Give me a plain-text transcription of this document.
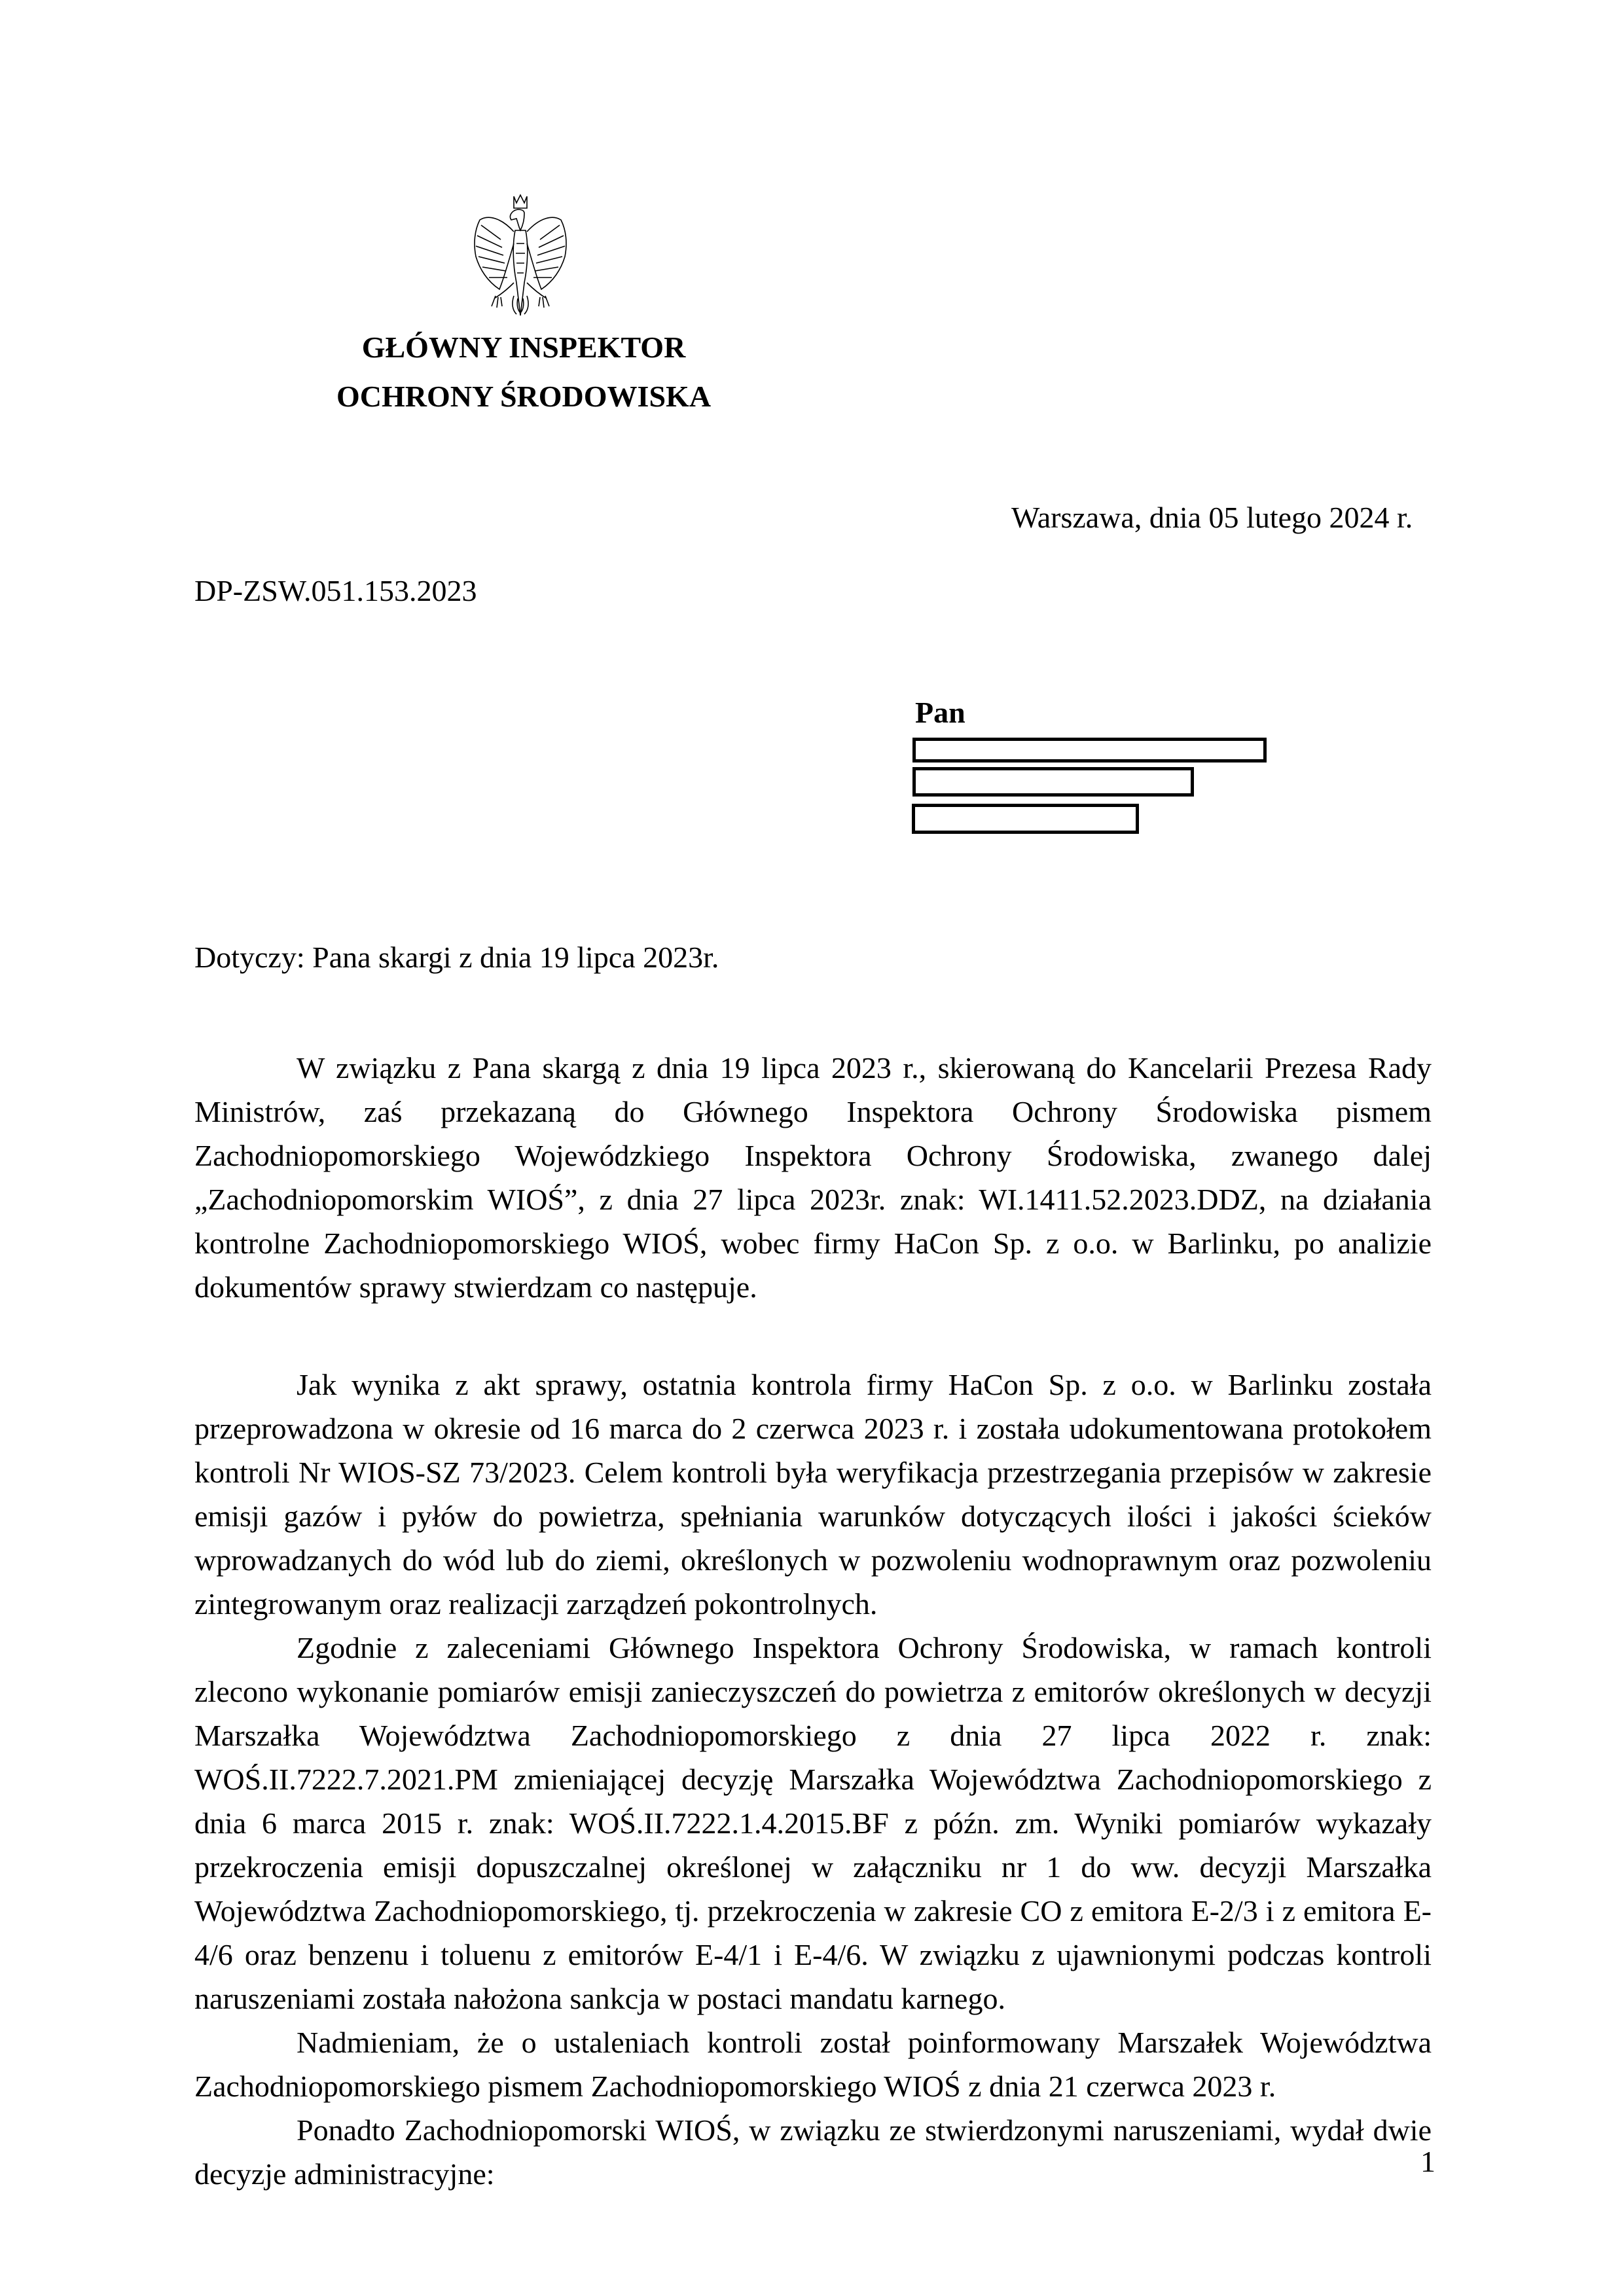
GŁÓWNY INSPEKTOR
OCHRONY ŚRODOWISKA
Warszawa, dnia 05 lutego 2024 r.
DP-ZSW.051.153.2023
Pan
Dotyczy: Pana skargi z dnia 19 lipca 2023r.

W związku z Pana skargą z dnia 19 lipca 2023 r., skierowaną do Kancelarii Prezesa Rady Ministrów, zaś przekazaną do Głównego Inspektora Ochrony Środowiska pismem Zachodniopomorskiego Wojewódzkiego Inspektora Ochrony Środowiska, zwanego dalej „Zachodniopomorskim WIOŚ”, z dnia 27 lipca 2023r. znak: WI.1411.52.2023.DDZ, na działania kontrolne Zachodniopomorskiego WIOŚ, wobec firmy HaCon Sp. z o.o. w Barlinku, po analizie dokumentów sprawy stwierdzam co następuje.

Jak wynika z akt sprawy, ostatnia kontrola firmy HaCon Sp. z o.o. w Barlinku została przeprowadzona w okresie od 16 marca do 2 czerwca 2023 r. i została udokumentowana protokołem kontroli Nr WIOS-SZ 73/2023. Celem kontroli była weryfikacja przestrzegania przepisów w zakresie emisji gazów i pyłów do powietrza, spełniania warunków dotyczących ilości i jakości ścieków wprowadzanych do wód lub do ziemi, określonych w pozwoleniu wodnoprawnym oraz pozwoleniu zintegrowanym oraz realizacji zarządzeń pokontrolnych.

Zgodnie z zaleceniami Głównego Inspektora Ochrony Środowiska, w ramach kontroli zlecono wykonanie pomiarów emisji zanieczyszczeń do powietrza z emitorów określonych w decyzji Marszałka Województwa Zachodniopomorskiego z dnia 27 lipca 2022 r. znak: WOŚ.II.7222.7.2021.PM zmieniającej decyzję Marszałka Województwa Zachodniopomorskiego z dnia 6 marca 2015 r. znak: WOŚ.II.7222.1.4.2015.BF z późn. zm. Wyniki pomiarów wykazały przekroczenia emisji dopuszczalnej określonej w załączniku nr 1 do ww. decyzji Marszałka Województwa Zachodniopomorskiego, tj. przekroczenia w zakresie CO z emitora E-2/3 i z emitora E-4/6 oraz benzenu i toluenu z emitorów E-4/1 i E-4/6. W związku z ujawnionymi podczas kontroli naruszeniami została nałożona sankcja w postaci mandatu karnego.

Nadmieniam, że o ustaleniach kontroli został poinformowany Marszałek Województwa Zachodniopomorskiego pismem Zachodniopomorskiego WIOŚ z dnia 21 czerwca 2023 r.

Ponadto Zachodniopomorski WIOŚ, w związku ze stwierdzonymi naruszeniami, wydał dwie decyzje administracyjne:	1
